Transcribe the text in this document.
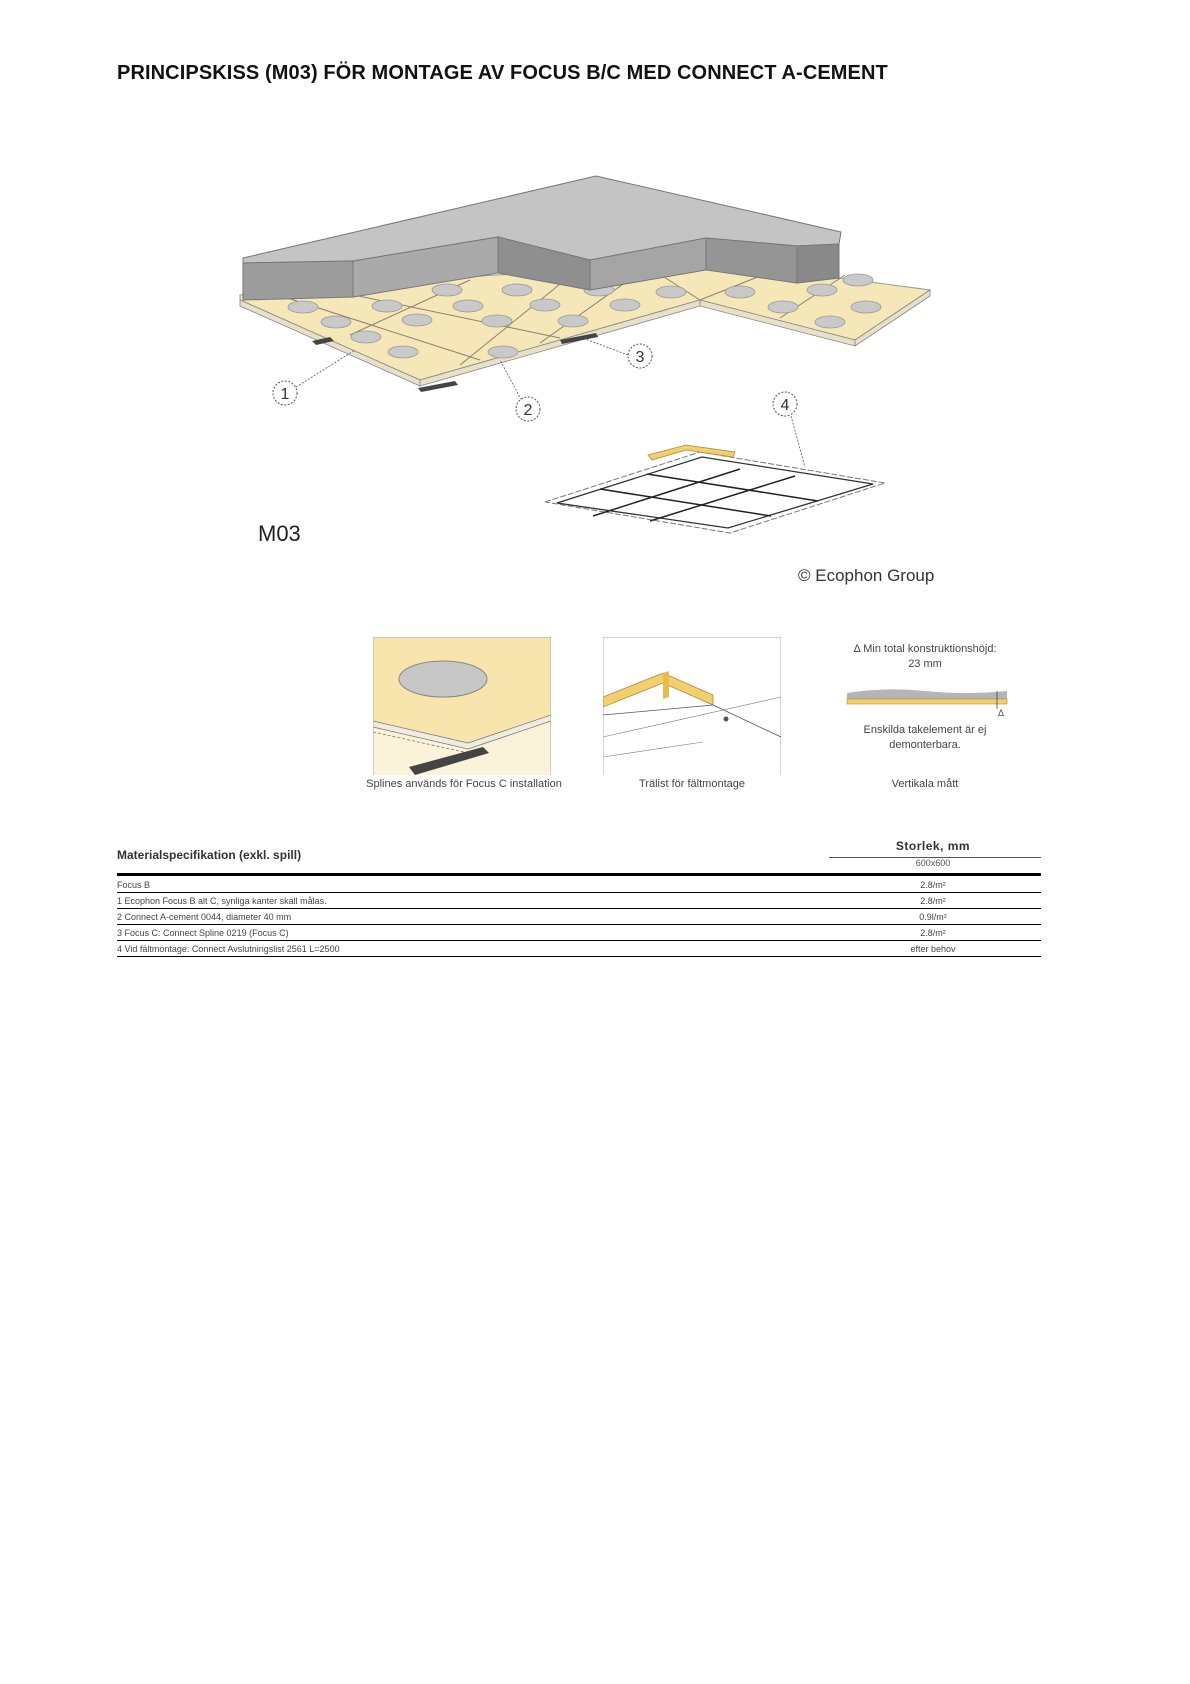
PRINCIPSKISS (M03) FÖR MONTAGE AV FOCUS B/C MED CONNECT A-CEMENT
1
2
3
4
M03
© Ecophon Group
Splines används för Focus C installation	Trälist för fältmontage
Δ Min total konstruktionshöjd:
23 mm
Δ
Enskilda takelement är ej
demonterbara.
Vertikala mått
Materialspecifikation (exkl. spill)
Storlek, mm
600x600
Focus B	2.8/m²
1 Ecophon Focus B alt C, synliga kanter skall målas.	2.8/m²
2 Connect A-cement 0044, diameter 40 mm	0.9l/m²
3 Focus C: Connect Spline 0219 (Focus C)	2.8/m²
4 Vid fältmontage: Connect Avslutningslist 2561 L=2500	efter behov
